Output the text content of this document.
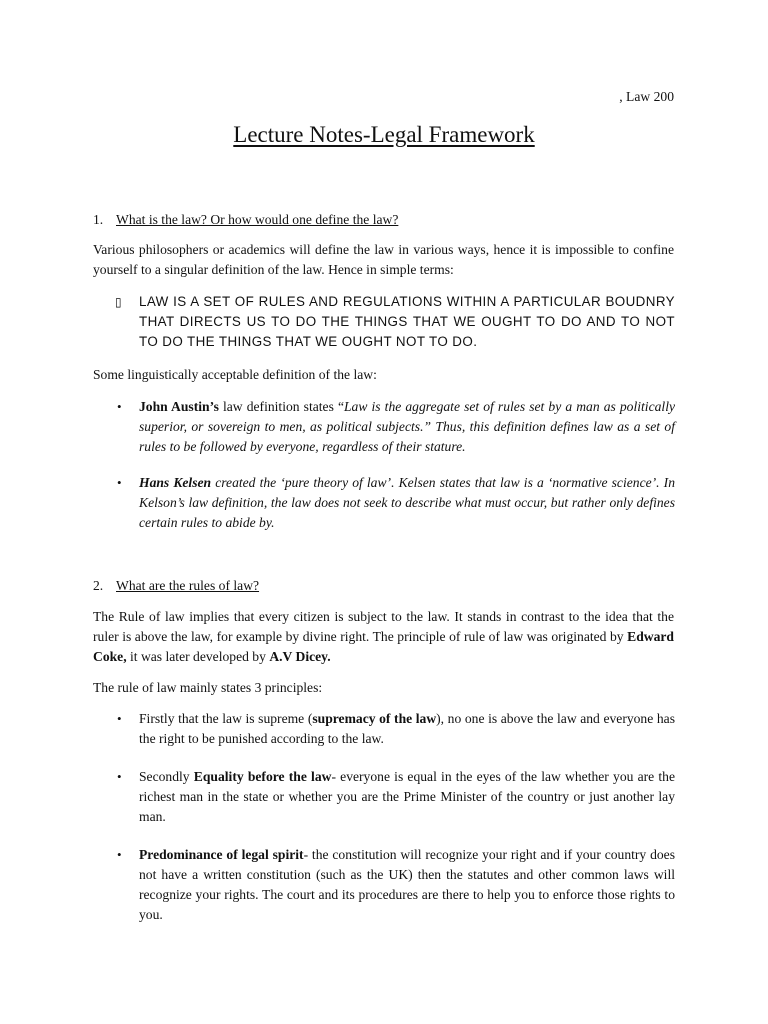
, Law 200
Lecture Notes-Legal Framework
1. What is the law? Or how would one define the law?
Various philosophers or academics will define the law in various ways, hence it is impossible to confine yourself to a singular definition of the law. Hence in simple terms:
▯ LAW IS A SET OF RULES AND REGULATIONS WITHIN A PARTICULAR BOUDNRY THAT DIRECTS US TO DO THE THINGS THAT WE OUGHT TO DO AND TO NOT TO DO THE THINGS THAT WE OUGHT NOT TO DO.
Some linguistically acceptable definition of the law:
• John Austin’s law definition states “Law is the aggregate set of rules set by a man as politically superior, or sovereign to men, as political subjects.” Thus, this definition defines law as a set of rules to be followed by everyone, regardless of their stature.
• Hans Kelsen created the ‘pure theory of law’. Kelsen states that law is a ‘normative science’. In Kelson’s law definition, the law does not seek to describe what must occur, but rather only defines certain rules to abide by.
2. What are the rules of law?
The Rule of law implies that every citizen is subject to the law. It stands in contrast to the idea that the ruler is above the law, for example by divine right. The principle of rule of law was originated by Edward Coke, it was later developed by A.V Dicey.
The rule of law mainly states 3 principles:
• Firstly that the law is supreme (supremacy of the law), no one is above the law and everyone has the right to be punished according to the law.
• Secondly Equality before the law- everyone is equal in the eyes of the law whether you are the richest man in the state or whether you are the Prime Minister of the country or just another lay man.
• Predominance of legal spirit- the constitution will recognize your right and if your country does not have a written constitution (such as the UK) then the statutes and other common laws will recognize your rights. The court and its procedures are there to help you to enforce those rights to you.
